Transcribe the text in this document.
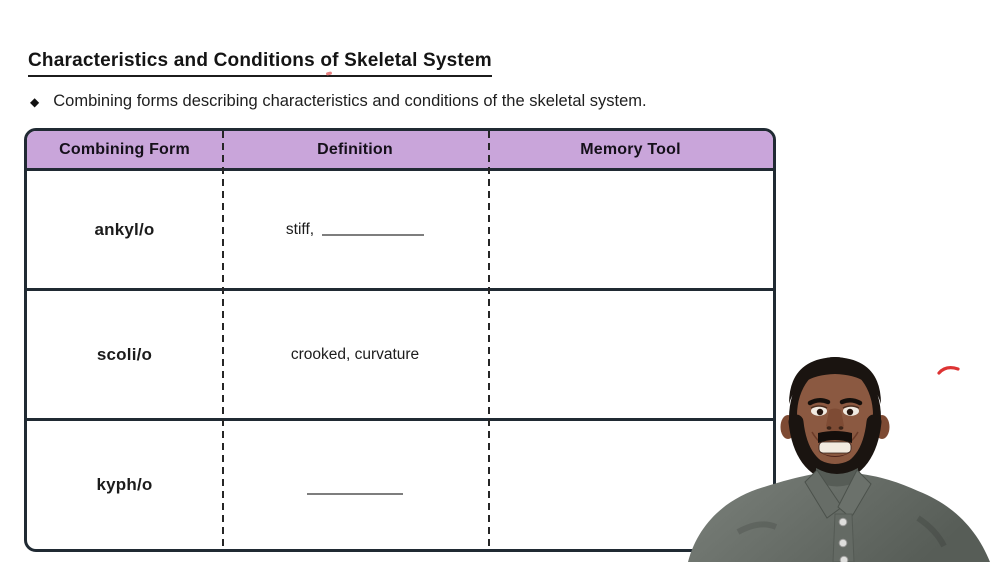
Characteristics and Conditions of Skeletal System
◆ Combining forms describing characteristics and conditions of the skeletal system.
Combining Form	Definition	Memory Tool
ankyl/o	stiff,
scoli/o	crooked, curvature
kyph/o
